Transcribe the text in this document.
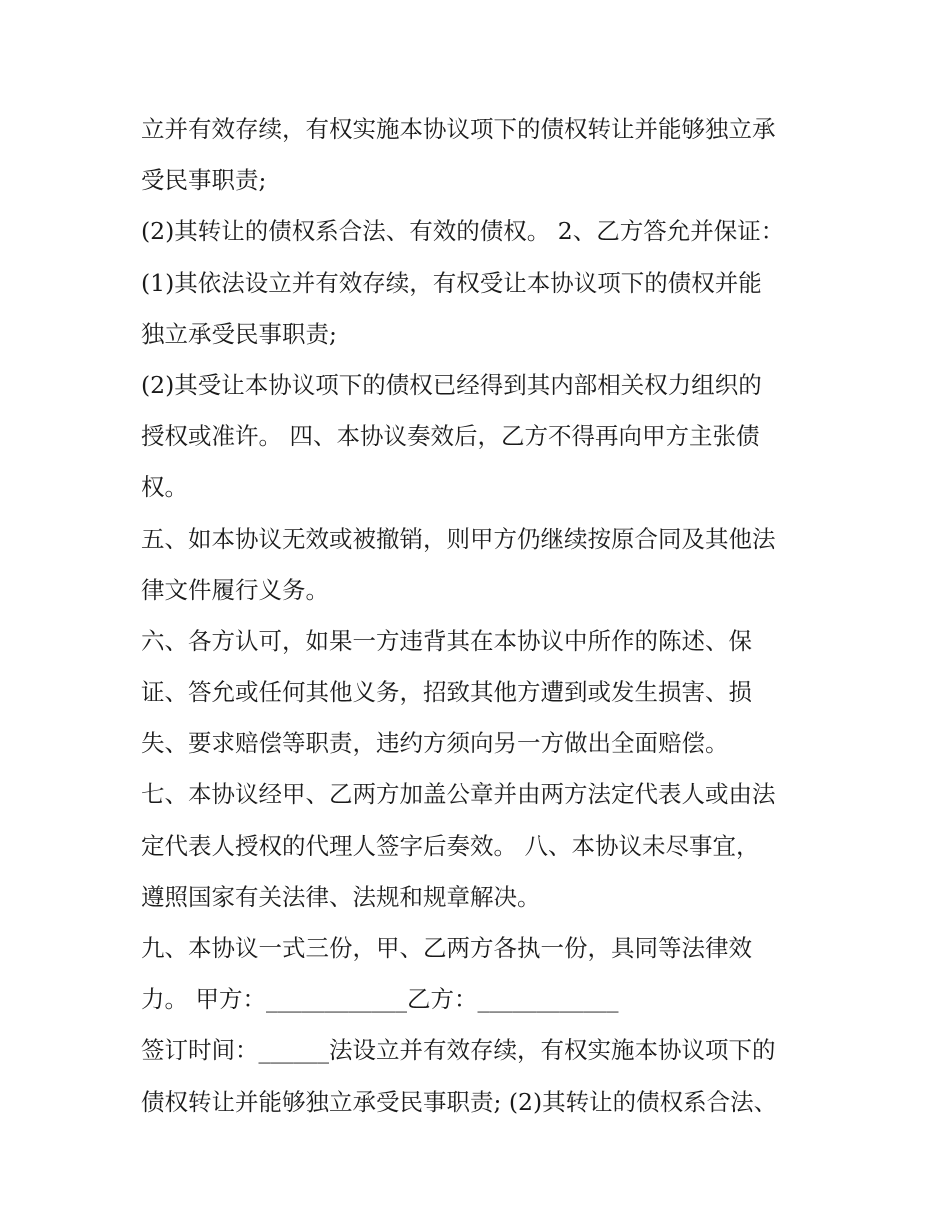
立并有效存续，有权实施本协议项下的债权转让并能够独立承
受民事职责;
(2)其转让的债权系合法、有效的债权。 2、乙方答允并保证：
(1)其依法设立并有效存续，有权受让本协议项下的债权并能
独立承受民事职责;
(2)其受让本协议项下的债权已经得到其内部相关权力组织的
授权或准许。 四、本协议奏效后，乙方不得再向甲方主张债
权。
五、如本协议无效或被撤销，则甲方仍继续按原合同及其他法
律文件履行义务。
六、各方认可，如果一方违背其在本协议中所作的陈述、保
证、答允或任何其他义务，招致其他方遭到或发生损害、损
失、要求赔偿等职责，违约方须向另一方做出全面赔偿。
七、本协议经甲、乙两方加盖公章并由两方法定代表人或由法
定代表人授权的代理人签字后奏效。 八、本协议未尽事宜，
遵照国家有关法律、法规和规章解决。
九、本协议一式三份，甲、乙两方各执一份，具同等法律效
力。 甲方：____________乙方：____________
签订时间：______法设立并有效存续，有权实施本协议项下的
债权转让并能够独立承受民事职责; (2)其转让的债权系合法、
